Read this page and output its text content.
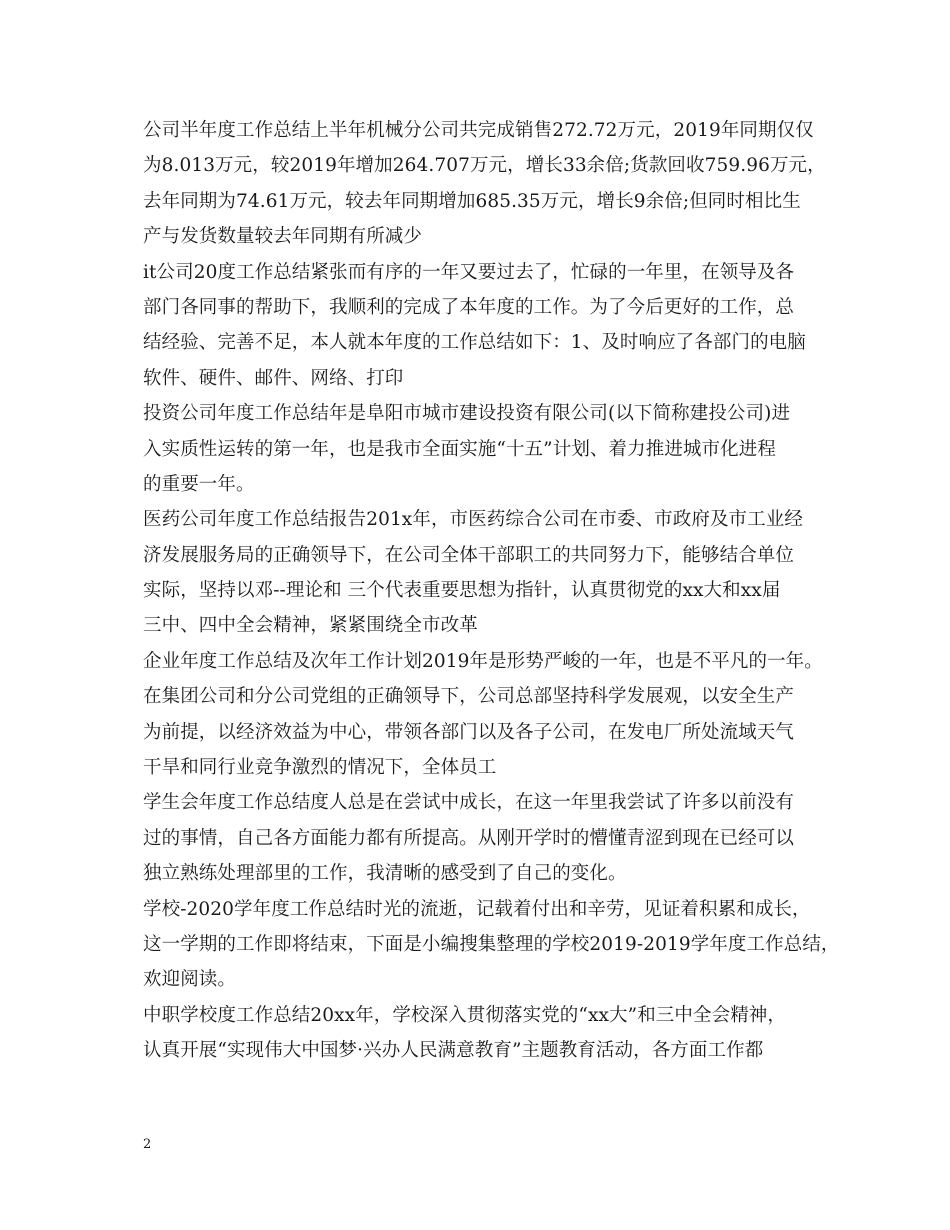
公司半年度工作总结上半年机械分公司共完成销售272.72万元，2019年同期仅仅
为8.013万元，较2019年增加264.707万元，增长33余倍;货款回收759.96万元，
去年同期为74.61万元，较去年同期增加685.35万元，增长9余倍;但同时相比生
产与发货数量较去年同期有所减少
it公司20度工作总结紧张而有序的一年又要过去了，忙碌的一年里，在领导及各
部门各同事的帮助下，我顺利的完成了本年度的工作。为了今后更好的工作，总
结经验、完善不足，本人就本年度的工作总结如下：1、及时响应了各部门的电脑
软件、硬件、邮件、网络、打印
投资公司年度工作总结年是阜阳市城市建设投资有限公司(以下简称建投公司)进
入实质性运转的第一年，也是我市全面实施“十五”计划、着力推进城市化进程
的重要一年。
医药公司年度工作总结报告201x年，市医药综合公司在市委、市政府及市工业经
济发展服务局的正确领导下，在公司全体干部职工的共同努力下，能够结合单位
实际，坚持以邓--理论和 三个代表重要思想为指针，认真贯彻党的xx大和xx届
三中、四中全会精神，紧紧围绕全市改革
企业年度工作总结及次年工作计划2019年是形势严峻的一年，也是不平凡的一年。
在集团公司和分公司党组的正确领导下，公司总部坚持科学发展观，以安全生产
为前提，以经济效益为中心，带领各部门以及各子公司，在发电厂所处流域天气
干旱和同行业竞争激烈的情况下，全体员工
学生会年度工作总结度人总是在尝试中成长，在这一年里我尝试了许多以前没有
过的事情，自己各方面能力都有所提高。从刚开学时的懵懂青涩到现在已经可以
独立熟练处理部里的工作，我清晰的感受到了自己的变化。
学校-2020学年度工作总结时光的流逝，记载着付出和辛劳，见证着积累和成长，
这一学期的工作即将结束，下面是小编搜集整理的学校2019-2019学年度工作总结，
欢迎阅读。
中职学校度工作总结20xx年，学校深入贯彻落实党的“xx大”和三中全会精神，
认真开展“实现伟大中国梦·兴办人民满意教育”主题教育活动，各方面工作都
2
